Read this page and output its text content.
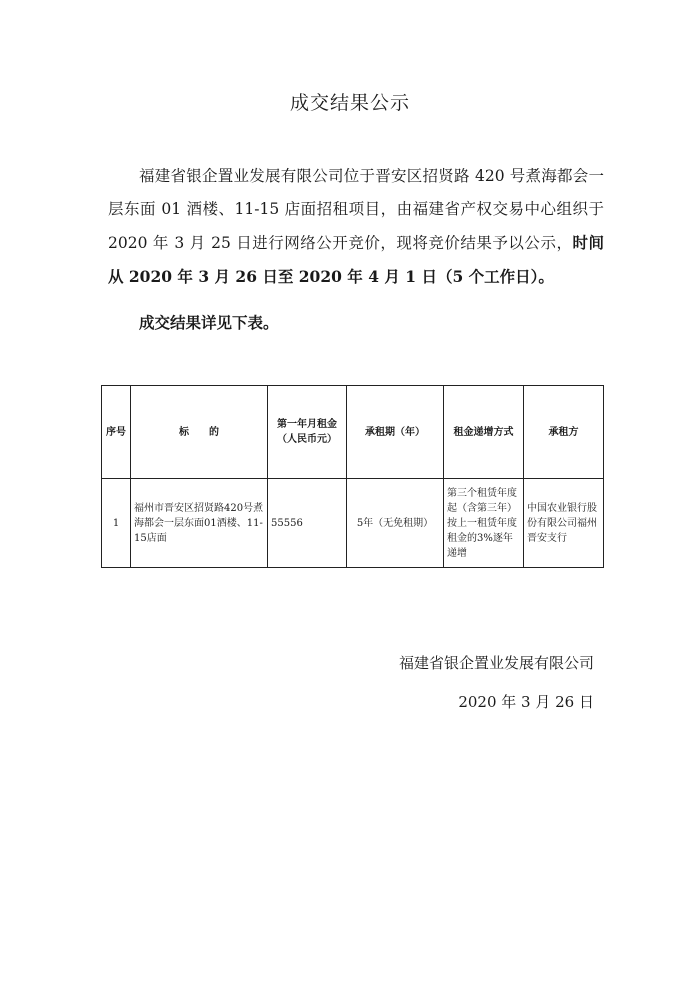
成交结果公示

福建省银企置业发展有限公司位于晋安区招贤路 420 号煮海都会一层东面 01 酒楼、11-15 店面招租项目，由福建省产权交易中心组织于 2020 年 3 月 25 日进行网络公开竞价，现将竞价结果予以公示，时间从 2020 年 3 月 26 日至 2020 年 4 月 1 日（5 个工作日）。

成交结果详见下表。

序号	标　　的	第一年月租金（人民币元）	承租期（年）	租金递增方式	承租方
1	福州市晋安区招贤路420号煮海都会一层东面01酒楼、11-15店面	55556	5年（无免租期）	第三个租赁年度起（含第三年）按上一租赁年度租金的3%逐年递增	中国农业银行股份有限公司福州晋安支行
福建省银企置业发展有限公司
2020 年 3 月 26 日
